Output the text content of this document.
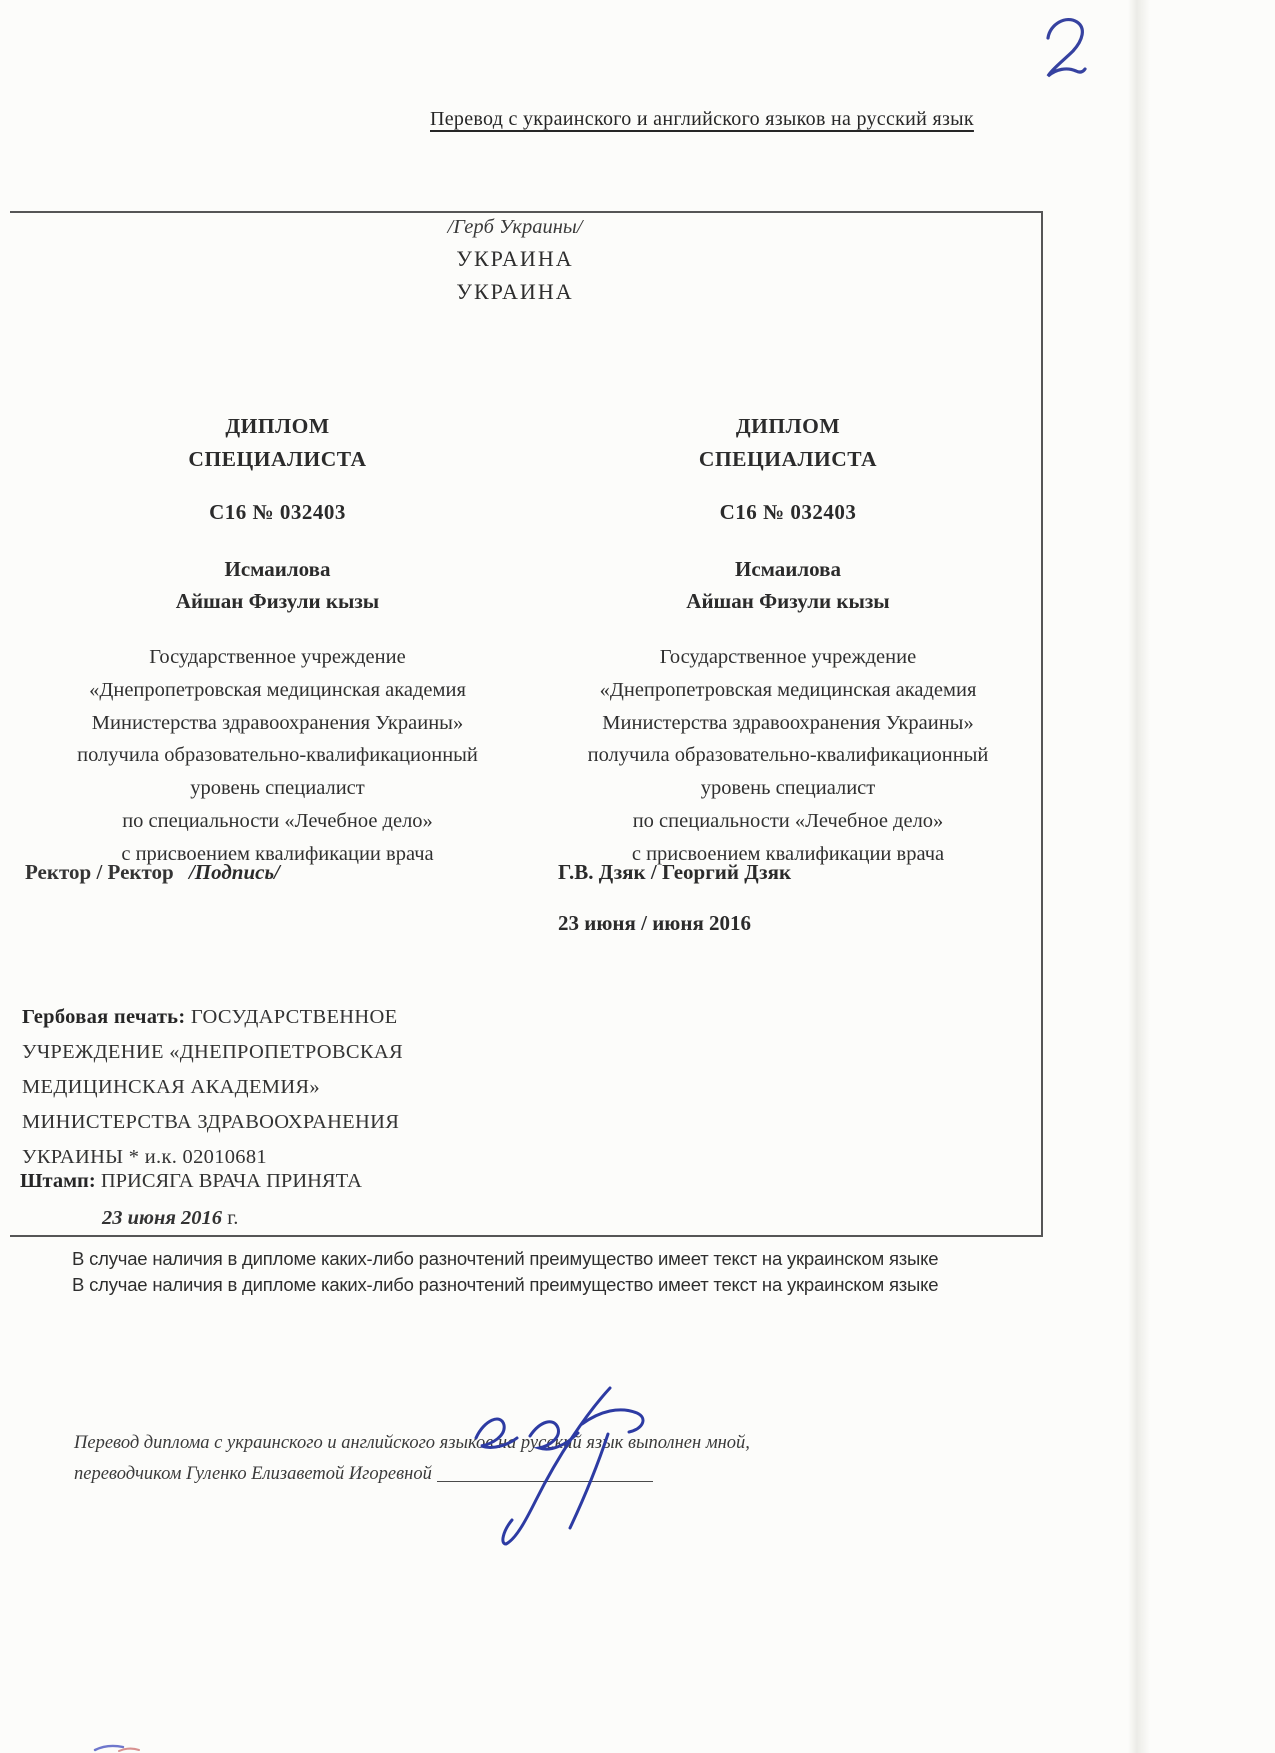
Перевод с украинского и английского языков на русский язык
/Герб Украины/
УКРАИНА
УКРАИНА
ДИПЛОМ
СПЕЦИАЛИСТА
С16 № 032403
Исмаилова
Айшан Физули кызы
Государственное учреждение
«Днепропетровская медицинская академия
Министерства здравоохранения Украины»
получила образовательно-квалификационный
уровень специалист
по специальности «Лечебное дело»
с присвоением квалификации врача
Ректор / Ректор /Подпись/
ДИПЛОМ
СПЕЦИАЛИСТА
С16 № 032403
Исмаилова
Айшан Физули кызы
Государственное учреждение
«Днепропетровская медицинская академия
Министерства здравоохранения Украины»
получила образовательно-квалификационный
уровень специалист
по специальности «Лечебное дело»
с присвоением квалификации врача
Г.В. Дзяк / Георгий Дзяк
23 июня / июня 2016
Гербовая печать: ГОСУДАРСТВЕННОЕ
УЧРЕЖДЕНИЕ «ДНЕПРОПЕТРОВСКАЯ
МЕДИЦИНСКАЯ АКАДЕМИЯ»
МИНИСТЕРСТВА ЗДРАВООХРАНЕНИЯ
УКРАИНЫ * и.к. 02010681
Штамп: ПРИСЯГА ВРАЧА ПРИНЯТА
23 июня 2016 г.
В случае наличия в дипломе каких-либо разночтений преимущество имеет текст на украинском языке
В случае наличия в дипломе каких-либо разночтений преимущество имеет текст на украинском языке
Перевод диплома с украинского и английского языков на русский язык выполнен мной,
переводчиком Гуленко Елизаветой Игоревной
